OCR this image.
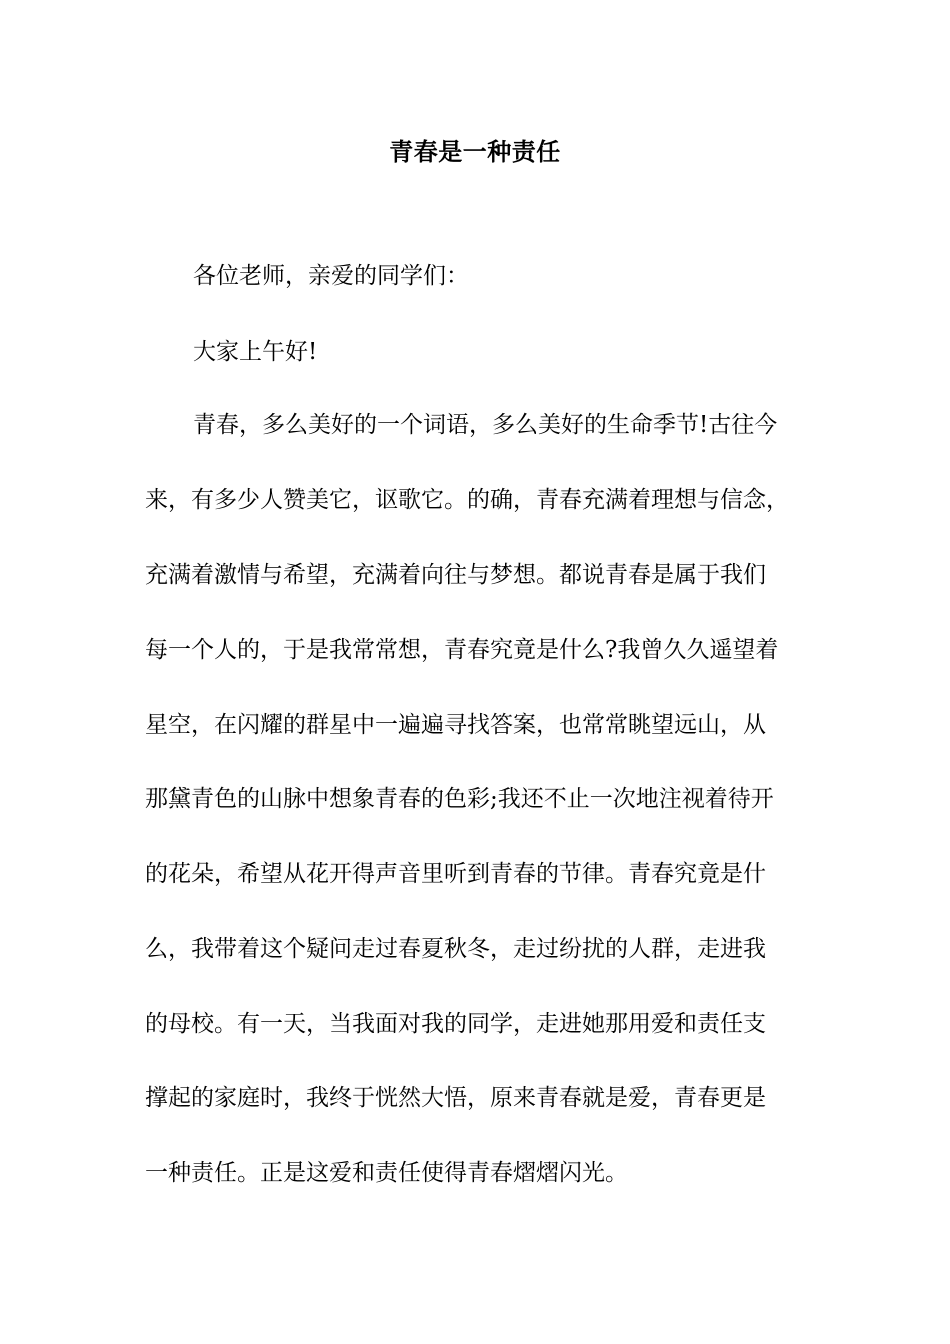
青春是一种责任
各位老师，亲爱的同学们：
大家上午好!
青春，多么美好的一个词语，多么美好的生命季节!古往今
来，有多少人赞美它，讴歌它。的确，青春充满着理想与信念，
充满着激情与希望，充满着向往与梦想。都说青春是属于我们
每一个人的，于是我常常想，青春究竟是什么?我曾久久遥望着
星空，在闪耀的群星中一遍遍寻找答案，也常常眺望远山，从
那黛青色的山脉中想象青春的色彩;我还不止一次地注视着待开
的花朵，希望从花开得声音里听到青春的节律。青春究竟是什
么，我带着这个疑问走过春夏秋冬，走过纷扰的人群，走进我
的母校。有一天，当我面对我的同学，走进她那用爱和责任支
撑起的家庭时，我终于恍然大悟，原来青春就是爱，青春更是
一种责任。正是这爱和责任使得青春熠熠闪光。
